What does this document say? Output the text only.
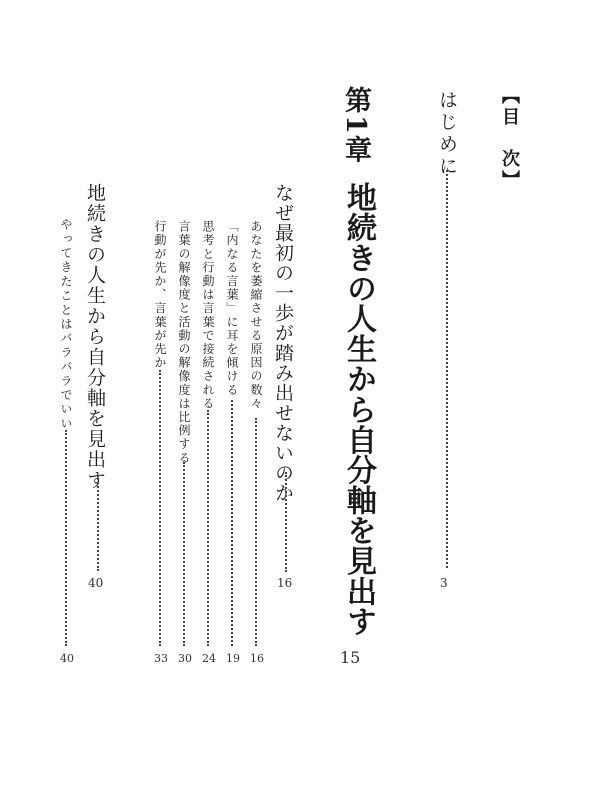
【目　次】
はじめに
3
第1章
地続きの人生から自分軸を見出す
15
なぜ最初の一歩が踏み出せないのか
16
あなたを萎縮させる原因の数々
16
「内なる言葉」に耳を傾ける
19
思考と行動は言葉で接続される
24
言葉の解像度と活動の解像度は比例する
30
行動が先か、言葉が先か
33
地続きの人生から自分軸を見出す
40
やってきたことはバラバラでいい
40
